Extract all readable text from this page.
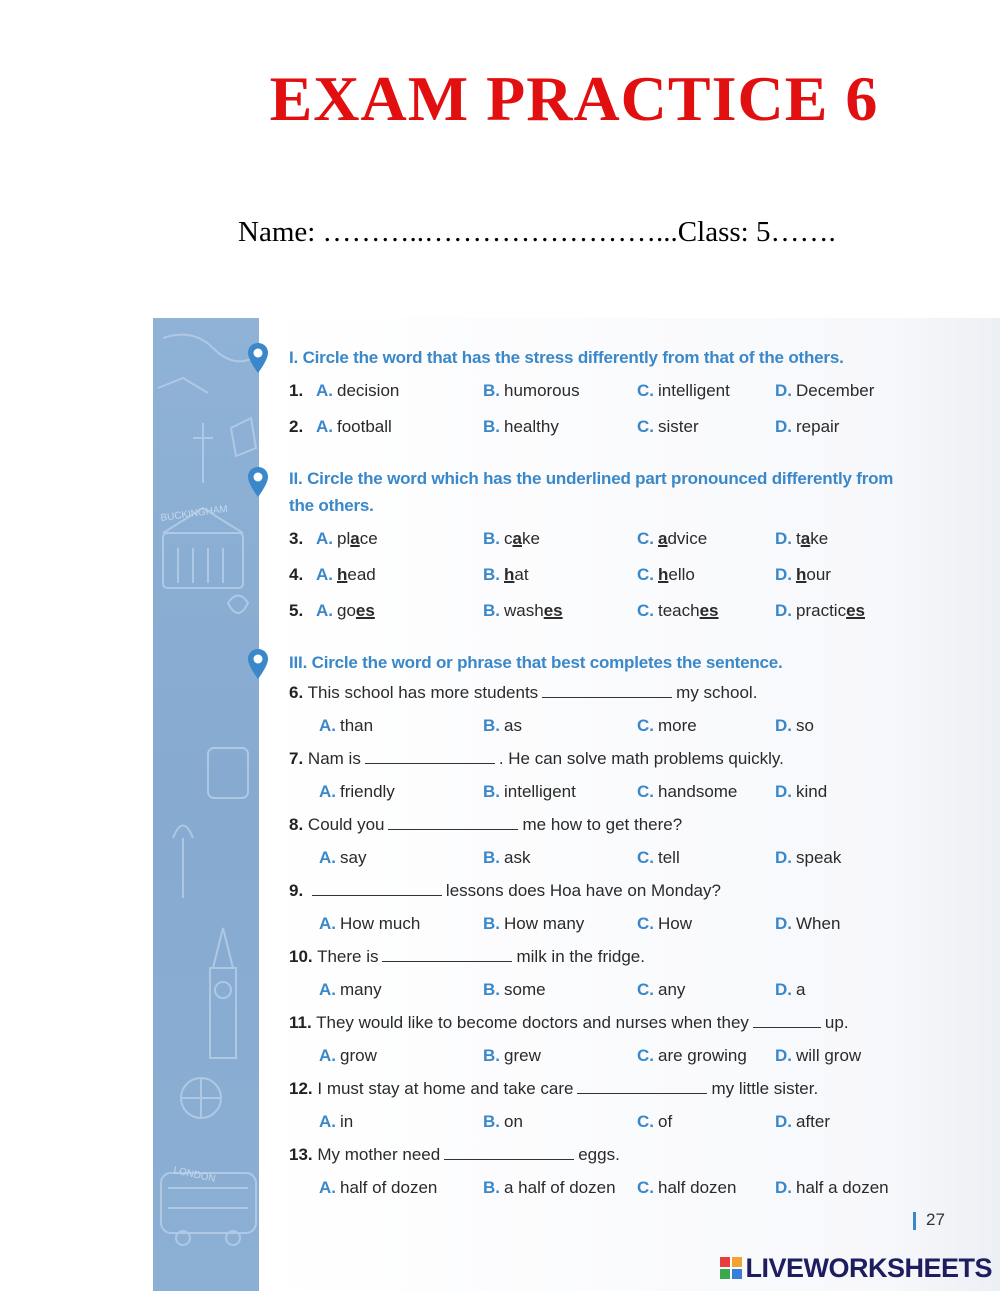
EXAM PRACTICE 6
Name: ………..……………………...Class: 5…….
BUCKINGHAM
LONDON
I. Circle the word that has the stress differently from that of the others.
II. Circle the word which has the underlined part pronounced differently from
the others.
III. Circle the word or phrase that best completes the sentence.
27
1. A. decision	B. humorous	C. intelligent	D. December
2. A. football	B. healthy	C. sister	D. repair
3. A. place	B. cake	C. advice	D. take
4. A. head	B. hat	C. hello	D. hour
5. A. goes	B. washes	C. teaches	D. practices
6. This school has more students	my school.
A. than	B. as	C. more	D. so
7. Nam is	. He can solve math problems quickly.
A. friendly	B. intelligent	C. handsome D. kind
8. Could you	me how to get there?
A. say	B. ask	C. tell	D. speak
9.	lessons does Hoa have on Monday?
A. How much	B. How many	C. How	D. When
10. There is	milk in the fridge.
A. many	B. some	C. any	D. a
11. They would like to become doctors and nurses when they	up.
A. grow	B. grew	C. are growing D. will grow
12. I must stay at home and take care	my little sister.
A. in	B. on	C. of	D. after
13. My mother need	eggs.
A. half of dozen	B. a half of dozen C. half dozen D. half a dozen
LIVEWORKSHEETS
